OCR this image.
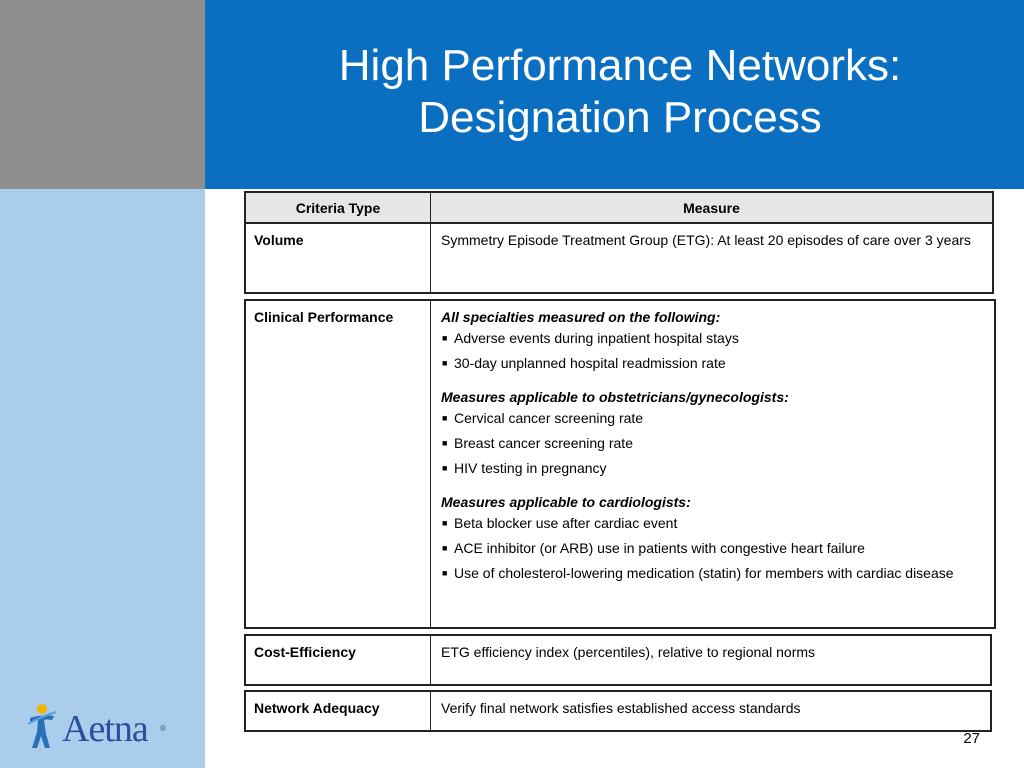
High Performance Networks:
Designation Process
Criteria Type	Measure
Volume	Symmetry Episode Treatment Group (ETG): At least 20 episodes of care over 3 years
Clinical Performance	All specialties measured on the following:
■ Adverse events during inpatient hospital stays
■ 30-day unplanned hospital readmission rate
Measures applicable to obstetricians/gynecologists:
■ Cervical cancer screening rate
■ Breast cancer screening rate
■ HIV testing in pregnancy
Measures applicable to cardiologists:
■ Beta blocker use after cardiac event
■ ACE inhibitor (or ARB) use in patients with congestive heart failure
■ Use of cholesterol-lowering medication (statin) for members with cardiac disease
Cost-Efficiency	ETG efficiency index (percentiles), relative to regional norms
Network Adequacy	Verify final network satisfies established access standards
Aetna ®
27
